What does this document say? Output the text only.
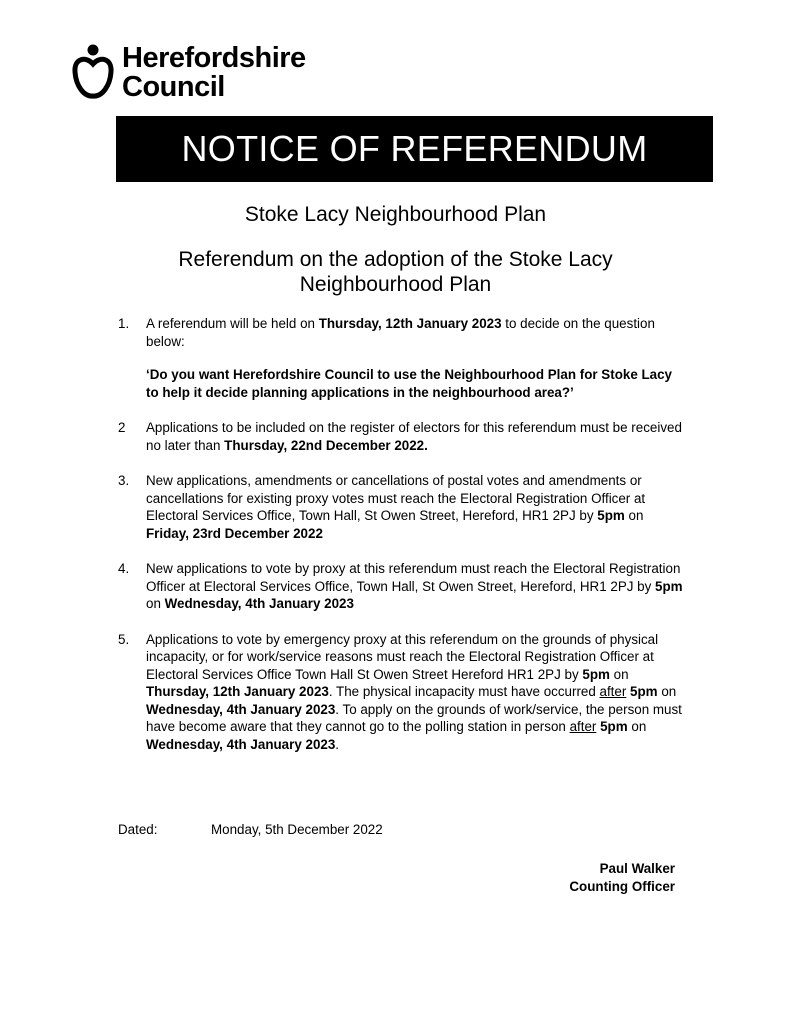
Herefordshire
Council
NOTICE OF REFERENDUM
Stoke Lacy Neighbourhood Plan
Referendum on the adoption of the Stoke Lacy
Neighbourhood Plan
1. A referendum will be held on Thursday, 12th January 2023 to decide on the question below:
‘Do you want Herefordshire Council to use the Neighbourhood Plan for Stoke Lacy to help it decide planning applications in the neighbourhood area?’
2 Applications to be included on the register of electors for this referendum must be received no later than Thursday, 22nd December 2022.
3. New applications, amendments or cancellations of postal votes and amendments or cancellations for existing proxy votes must reach the Electoral Registration Officer at Electoral Services Office, Town Hall, St Owen Street, Hereford, HR1 2PJ by 5pm on Friday, 23rd December 2022
4. New applications to vote by proxy at this referendum must reach the Electoral Registration Officer at Electoral Services Office, Town Hall, St Owen Street, Hereford, HR1 2PJ by 5pm on Wednesday, 4th January 2023
5. Applications to vote by emergency proxy at this referendum on the grounds of physical incapacity, or for work/service reasons must reach the Electoral Registration Officer at Electoral Services Office Town Hall St Owen Street Hereford HR1 2PJ by 5pm on Thursday, 12th January 2023. The physical incapacity must have occurred after 5pm on Wednesday, 4th January 2023. To apply on the grounds of work/service, the person must have become aware that they cannot go to the polling station in person after 5pm on Wednesday, 4th January 2023.
Dated:	Monday, 5th December 2022
Paul Walker
Counting Officer
